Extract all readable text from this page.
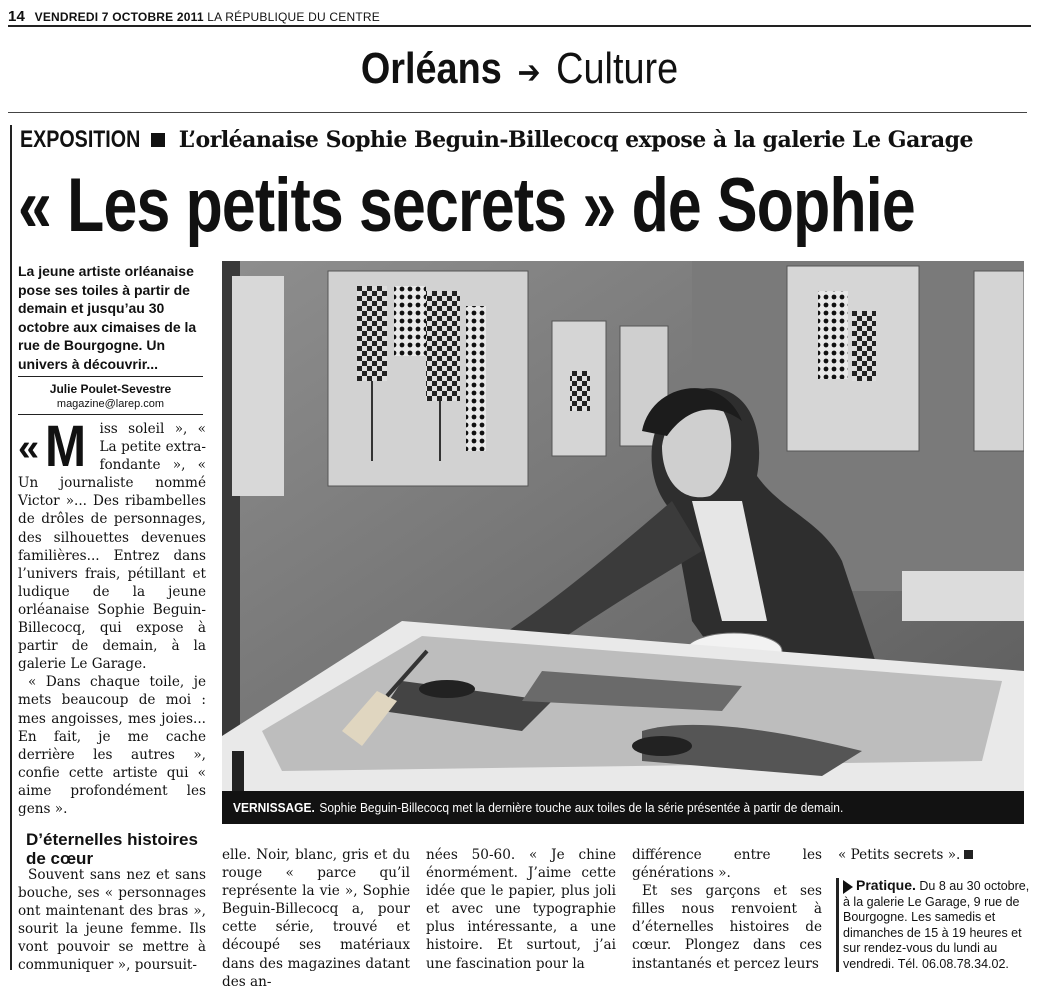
14 VENDREDI 7 OCTOBRE 2011 LA RÉPUBLIQUE DU CENTRE
Orléans ➔ Culture
EXPOSITION L’orléanaise Sophie Beguin-Billecocq expose à la galerie Le Garage
« Les petits secrets » de Sophie
La jeune artiste orléanaise pose ses toiles à partir de demain et jusqu’au 30 octobre aux cimaises de la rue de Bourgogne. Un univers à découvrir...
Julie Poulet-Sevestre
magazine@larep.com
« M iss soleil », « La petite extra-fondante », « Un journaliste nommé Victor »... Des ribambelles de drôles de personnages, des silhouettes devenues familières... Entrez dans l’univers frais, pétillant et ludique de la jeune orléanaise Sophie Beguin-Billecocq, qui expose à partir de demain, à la galerie Le Garage.

« Dans chaque toile, je mets beaucoup de moi : mes angoisses, mes joies... En fait, je me cache derrière les autres », confie cette artiste qui « aime profondément les gens ».

D’éternelles histoires de cœur

Souvent sans nez et sans bouche, ses « personnages ont maintenant des bras », sourit la jeune femme. Ils vont pouvoir se mettre à communiquer », poursuit-

VERNISSAGE. Sophie Beguin-Billecocq met la dernière touche aux toiles de la série présentée à partir de demain.

elle. Noir, blanc, gris et du rouge « parce qu’il représente la vie », Sophie Beguin-Billecocq a, pour cette série, trouvé et découpé ses matériaux dans des magazines datant des an-

nées 50-60. « Je chine énormément. J’aime cette idée que le papier, plus joli et avec une typographie plus intéressante, a une histoire. Et surtout, j’ai une fascination pour la

différence entre les générations ».

Et ses garçons et ses filles nous renvoient à d’éternelles histoires de cœur. Plongez dans ces instantanés et percez leurs

« Petits secrets ».

Pratique. Du 8 au 30 octobre, à la galerie Le Garage, 9 rue de Bourgogne. Les samedis et dimanches de 15 à 19 heures et sur rendez-vous du lundi au vendredi. Tél. 06.08.78.34.02.
